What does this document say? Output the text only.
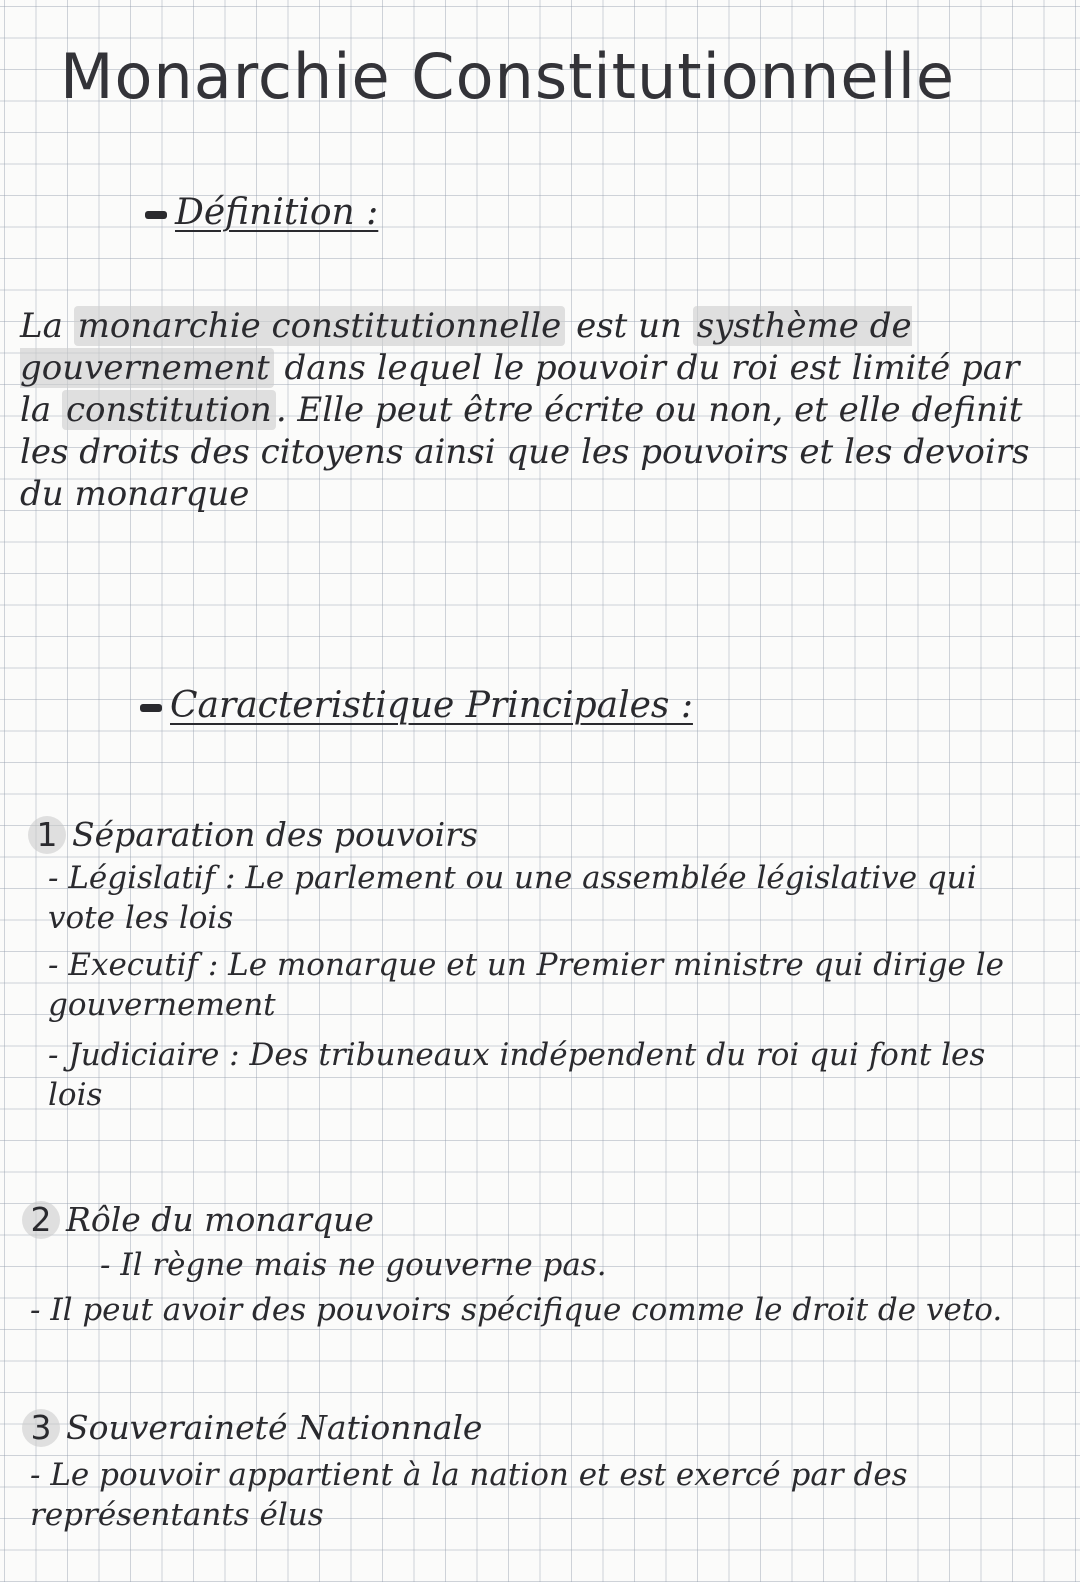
Monarchie Constitutionnelle
Définition :

La monarchie constitutionnelle est un systhème de gouvernement dans lequel le pouvoir du roi est limité par la constitution . Elle peut être écrite ou non, et elle definit les droits des citoyens ainsi que les pouvoirs et les devoirs du monarque

Caracteristique Principales :

1 Séparation des pouvoirs

- Législatif : Le parlement ou une assemblée législative qui vote les lois

- Executif : Le monarque et un Premier ministre qui dirige le gouvernement

- Judiciaire : Des tribuneaux indépendent du roi qui font les lois

2 Rôle du monarque

- Il règne mais ne gouverne pas.

- Il peut avoir des pouvoirs spécifique comme le droit de veto.

3 Souveraineté Nationnale

- Le pouvoir appartient à la nation et est exercé par des représentants élus
